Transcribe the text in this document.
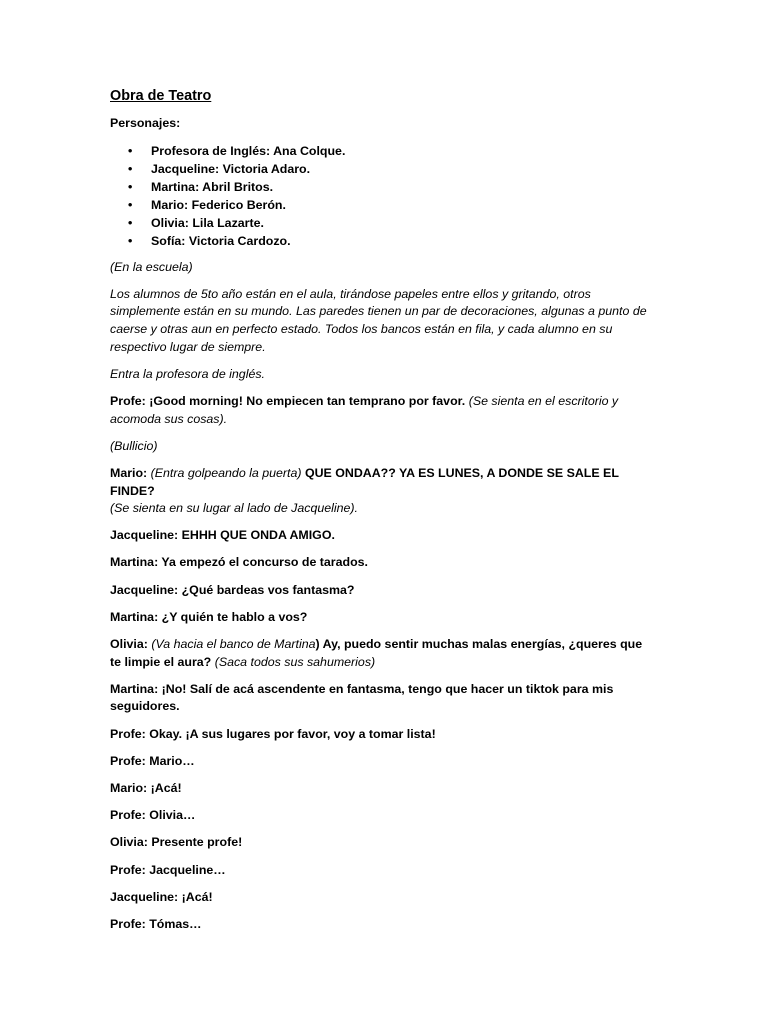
Obra de Teatro
Personajes:
• Profesora de Inglés: Ana Colque.
• Jacqueline: Victoria Adaro.
• Martina: Abril Britos.
• Mario: Federico Berón.
• Olivia: Lila Lazarte.
• Sofía: Victoria Cardozo.

(En la escuela)

Los alumnos de 5to año están en el aula, tirándose papeles entre ellos y gritando, otros simplemente están en su mundo. Las paredes tienen un par de decoraciones, algunas a punto de caerse y otras aun en perfecto estado. Todos los bancos están en fila, y cada alumno en su respectivo lugar de siempre.

Entra la profesora de inglés.

Profe: ¡Good morning! No empiecen tan temprano por favor. (Se sienta en el escritorio y acomoda sus cosas).

(Bullicio)

Mario: (Entra golpeando la puerta) QUE ONDAA?? YA ES LUNES, A DONDE SE SALE EL FINDE?
(Se sienta en su lugar al lado de Jacqueline).

Jacqueline: EHHH QUE ONDA AMIGO.

Martina: Ya empezó el concurso de tarados.

Jacqueline: ¿Qué bardeas vos fantasma?

Martina: ¿Y quién te hablo a vos?

Olivia: (Va hacia el banco de Martina) Ay, puedo sentir muchas malas energías, ¿queres que te limpie el aura? (Saca todos sus sahumerios)

Martina: ¡No! Salí de acá ascendente en fantasma, tengo que hacer un tiktok para mis seguidores.

Profe: Okay. ¡A sus lugares por favor, voy a tomar lista!

Profe: Mario…

Mario: ¡Acá!

Profe: Olivia…

Olivia: Presente profe!

Profe: Jacqueline…

Jacqueline: ¡Acá!

Profe: Tómas…
